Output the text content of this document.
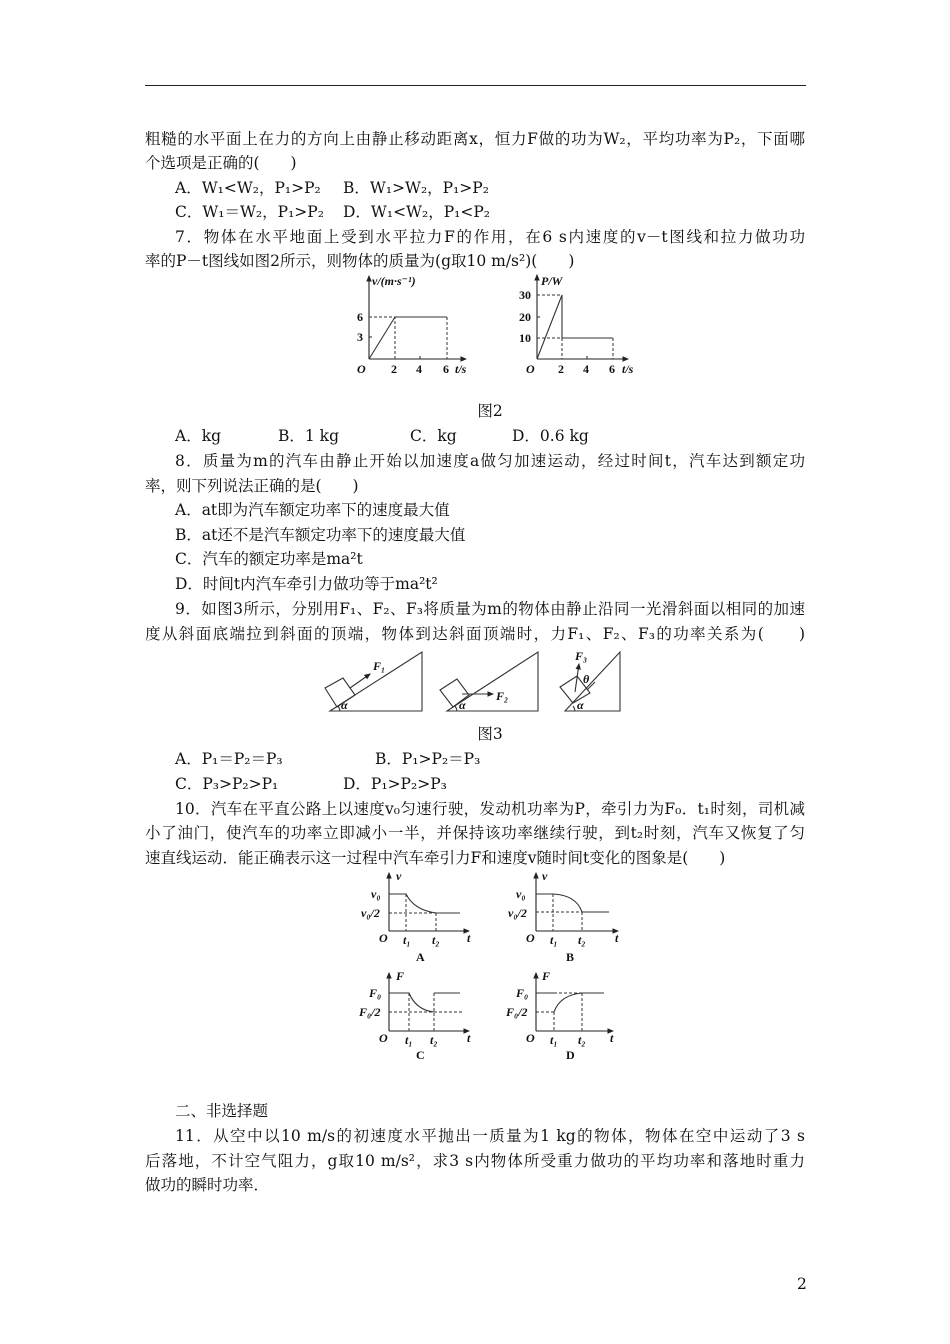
粗糙的水平面上在力的方向上由静止移动距离x，恒力F做的功为W₂，平均功率为P₂，下面哪
个选项是正确的(　　)
A．W₁<W₂，P₁>P₂ B．W₁>W₂，P₁>P₂
C．W₁＝W₂，P₁>P₂ D．W₁<W₂，P₁<P₂
7．物体在水平地面上受到水平拉力F的作用，在6 s内速度的v－t图线和拉力做功功
率的P－t图线如图2所示，则物体的质量为(g取10 m/s²)(　　)
图2
A．kg	B．1 kg	C．kg	D．0.6 kg
8．质量为m的汽车由静止开始以加速度a做匀加速运动，经过时间t，汽车达到额定功
率，则下列说法正确的是(　　)
A．at即为汽车额定功率下的速度最大值
B．at还不是汽车额定功率下的速度最大值
C．汽车的额定功率是ma²t
D．时间t内汽车牵引力做功等于ma²t²
9．如图3所示，分别用F₁、F₂、F₃将质量为m的物体由静止沿同一光滑斜面以相同的加速
度从斜面底端拉到斜面的顶端，物体到达斜面顶端时，力F₁、F₂、F₃的功率关系为(　　)
图3
A．P₁＝P₂＝P₃	B．P₁>P₂＝P₃
C．P₃>P₂>P₁	D．P₁>P₂>P₃
10．汽车在平直公路上以速度v₀匀速行驶，发动机功率为P，牵引力为F₀．t₁时刻，司机减
小了油门，使汽车的功率立即减小一半，并保持该功率继续行驶，到t₂时刻，汽车又恢复了匀
速直线运动．能正确表示这一过程中汽车牵引力F和速度v随时间t变化的图象是(　　)
二、非选择题
11．从空中以10 m/s的初速度水平抛出一质量为1 kg的物体，物体在空中运动了3 s
后落地，不计空气阻力，g取10 m/s²，求3 s内物体所受重力做功的平均功率和落地时重力
做功的瞬时功率．
2
v/(m·s⁻¹)
6
3
O 2 4 6 t/s
P/W
30
20
10
O 2 4 6 t/s
F₁
α
F₂
α
F₃
θ
α
v
v₀
v₀/2
O t₁ t₂ t
A
v
v₀
v₀/2
O t₁ t₂ t
B
F
F₀
F₀/2
O t₁ t₂ t
C
F
F₀
F₀/2
O t₁ t₂ t
D
